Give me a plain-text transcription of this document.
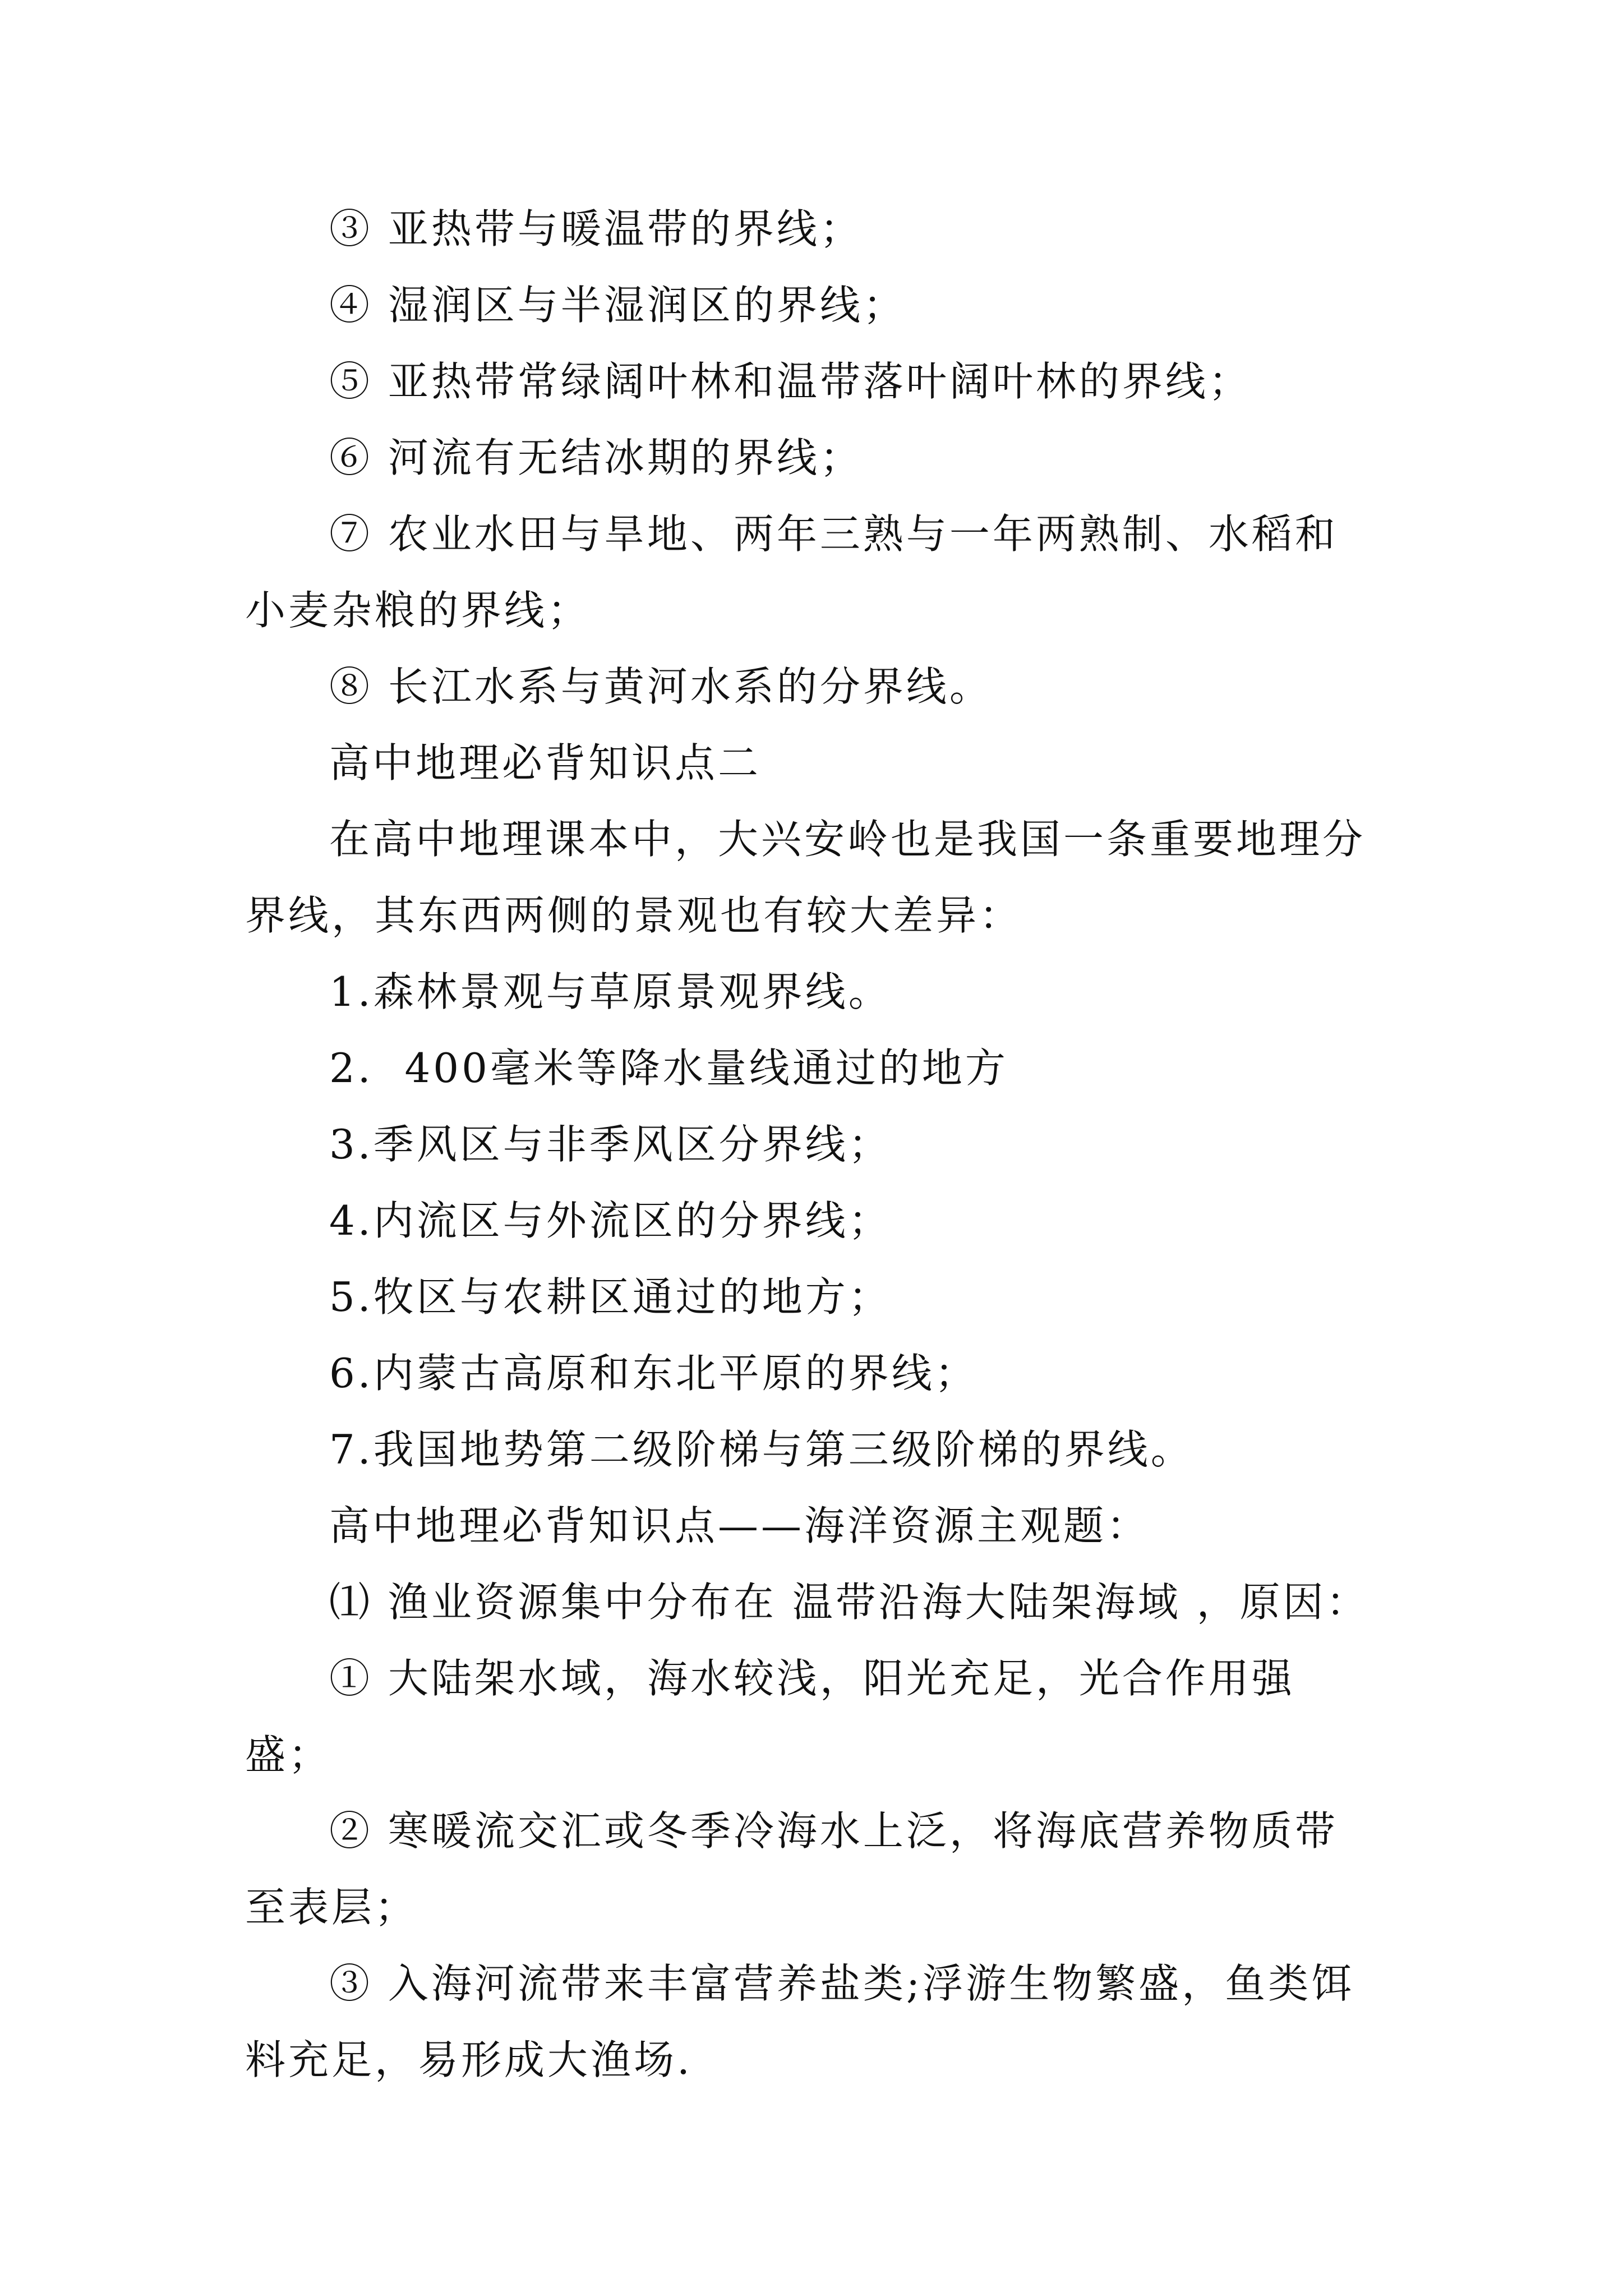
③ 亚热带与暖温带的界线；

④ 湿润区与半湿润区的界线；

⑤ 亚热带常绿阔叶林和温带落叶阔叶林的界线；

⑥ 河流有无结冰期的界线；

⑦ 农业水田与旱地、两年三熟与一年两熟制、水稻和小麦杂粮的界线；

⑧ 长江水系与黄河水系的分界线。

高中地理必背知识点二

在高中地理课本中，大兴安岭也是我国一条重要地理分界线，其东西两侧的景观也有较大差异：

1.森林景观与草原景观界线。

2.  400毫米等降水量线通过的地方

3.季风区与非季风区分界线；

4.内流区与外流区的分界线；

5.牧区与农耕区通过的地方；

6.内蒙古高原和东北平原的界线；

7.我国地势第二级阶梯与第三级阶梯的界线。

高中地理必背知识点——海洋资源主观题：

⑴ 渔业资源集中分布在 温带沿海大陆架海域 ，原因：

① 大陆架水域，海水较浅，阳光充足，光合作用强盛；

② 寒暖流交汇或冬季冷海水上泛，将海底营养物质带至表层；

③ 入海河流带来丰富营养盐类;浮游生物繁盛，鱼类饵料充足，易形成大渔场.
